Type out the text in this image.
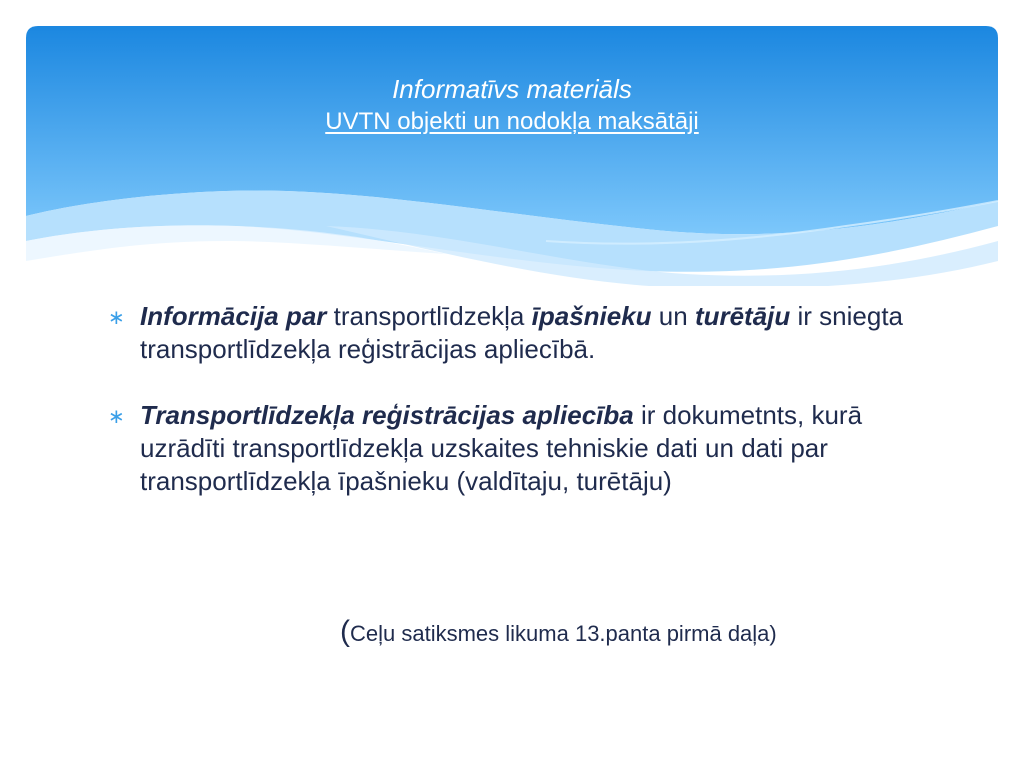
Informatīvs materiāls
UVTN objekti un nodokļa maksātāji
∗ Informācija par transportlīdzekļa īpašnieku un turētāju ir sniegta transportlīdzekļa reģistrācijas apliecībā.
∗ Transportlīdzekļa reģistrācijas apliecība ir dokumetnts, kurā uzrādīti transportlīdzekļa uzskaites tehniskie dati un dati par transportlīdzekļa īpašnieku (valdītaju, turētāju)
(Ceļu satiksmes likuma 13.panta pirmā daļa)
